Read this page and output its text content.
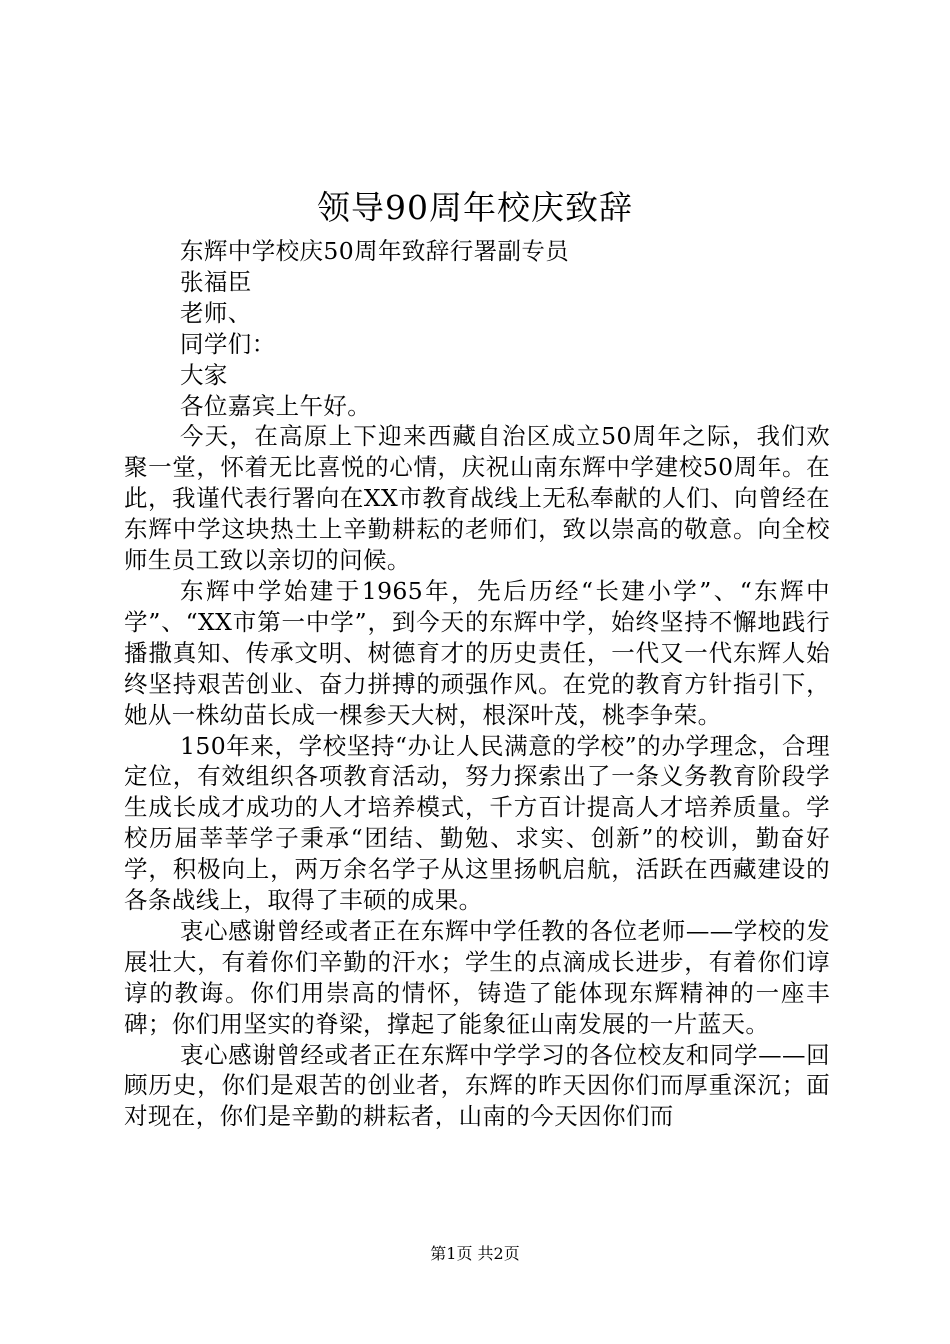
领导90周年校庆致辞

东辉中学校庆50周年致辞行署副专员

张福臣

老师、

同学们：

大家

各位嘉宾上午好。

今天，在高原上下迎来西藏自治区成立50周年之际，我们欢聚一堂，怀着无比喜悦的心情，庆祝山南东辉中学建校50周年。在此，我谨代表行署向在XX市教育战线上无私奉献的人们、向曾经在东辉中学这块热土上辛勤耕耘的老师们，致以崇高的敬意。向全校师生员工致以亲切的问候。

东辉中学始建于1965年，先后历经“长建小学”、“东辉中学”、“XX市第一中学”，到今天的东辉中学，始终坚持不懈地践行播撒真知、传承文明、树德育才的历史责任，一代又一代东辉人始终坚持艰苦创业、奋力拼搏的顽强作风。在党的教育方针指引下，她从一株幼苗长成一棵参天大树，根深叶茂，桃李争荣。

150年来，学校坚持“办让人民满意的学校”的办学理念，合理定位，有效组织各项教育活动，努力探索出了一条义务教育阶段学生成长成才成功的人才培养模式，千方百计提高人才培养质量。学校历届莘莘学子秉承“团结、勤勉、求实、创新”的校训，勤奋好学，积极向上，两万余名学子从这里扬帆启航，活跃在西藏建设的各条战线上，取得了丰硕的成果。

衷心感谢曾经或者正在东辉中学任教的各位老师——学校的发展壮大，有着你们辛勤的汗水；学生的点滴成长进步，有着你们谆谆的教诲。你们用崇高的情怀，铸造了能体现东辉精神的一座丰碑；你们用坚实的脊梁，撑起了能象征山南发展的一片蓝天。

衷心感谢曾经或者正在东辉中学学习的各位校友和同学——回顾历史，你们是艰苦的创业者，东辉的昨天因你们而厚重深沉；面对现在，你们是辛勤的耕耘者，山南的今天因你们而

第1页 共2页
